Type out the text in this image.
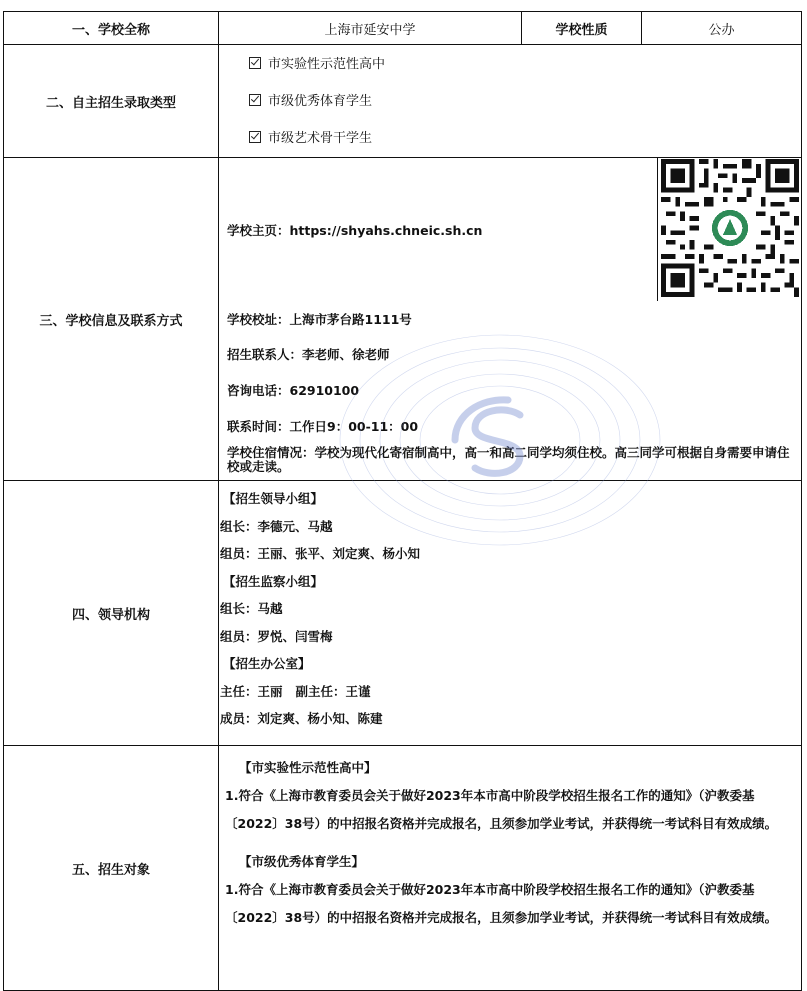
一、学校全称	上海市延安中学	学校性质	公办
二、自主招生录取类型	
市实验性示范性高中
市级优秀体育学生
市级艺术骨干学生

三、学校信息及联系方式	
学校主页：https://shyahs.chneic.sh.cn	
学校校址：上海市茅台路1111号

招生联系人：李老师、徐老师
咨询电话：62910100
联系时间：工作日9：00-11：00

学校住宿情况：学校为现代化寄宿制高中，高一和高二同学均须住校。高三同学可根据自身需要申请住校或走读。

四、领导机构	
【招生领导小组】
组长：李德元、马越
组员：王丽、张平、刘定爽、杨小知
【招生监察小组】
组长：马越
组员：罗悦、闫雪梅
【招生办公室】
主任：王丽   副主任：王谨
成员：刘定爽、杨小知、陈建

五、招生对象	
【市实验性示范性高中】
1.符合《上海市教育委员会关于做好2023年本市高中阶段学校招生报名工作的通知》（沪教委基〔2022〕38号）的中招报名资格并完成报名，且须参加学业考试，并获得统一考试科目有效成绩。
【市级优秀体育学生】
1.符合《上海市教育委员会关于做好2023年本市高中阶段学校招生报名工作的通知》（沪教委基〔2022〕38号）的中招报名资格并完成报名，且须参加学业考试，并获得统一考试科目有效成绩。
